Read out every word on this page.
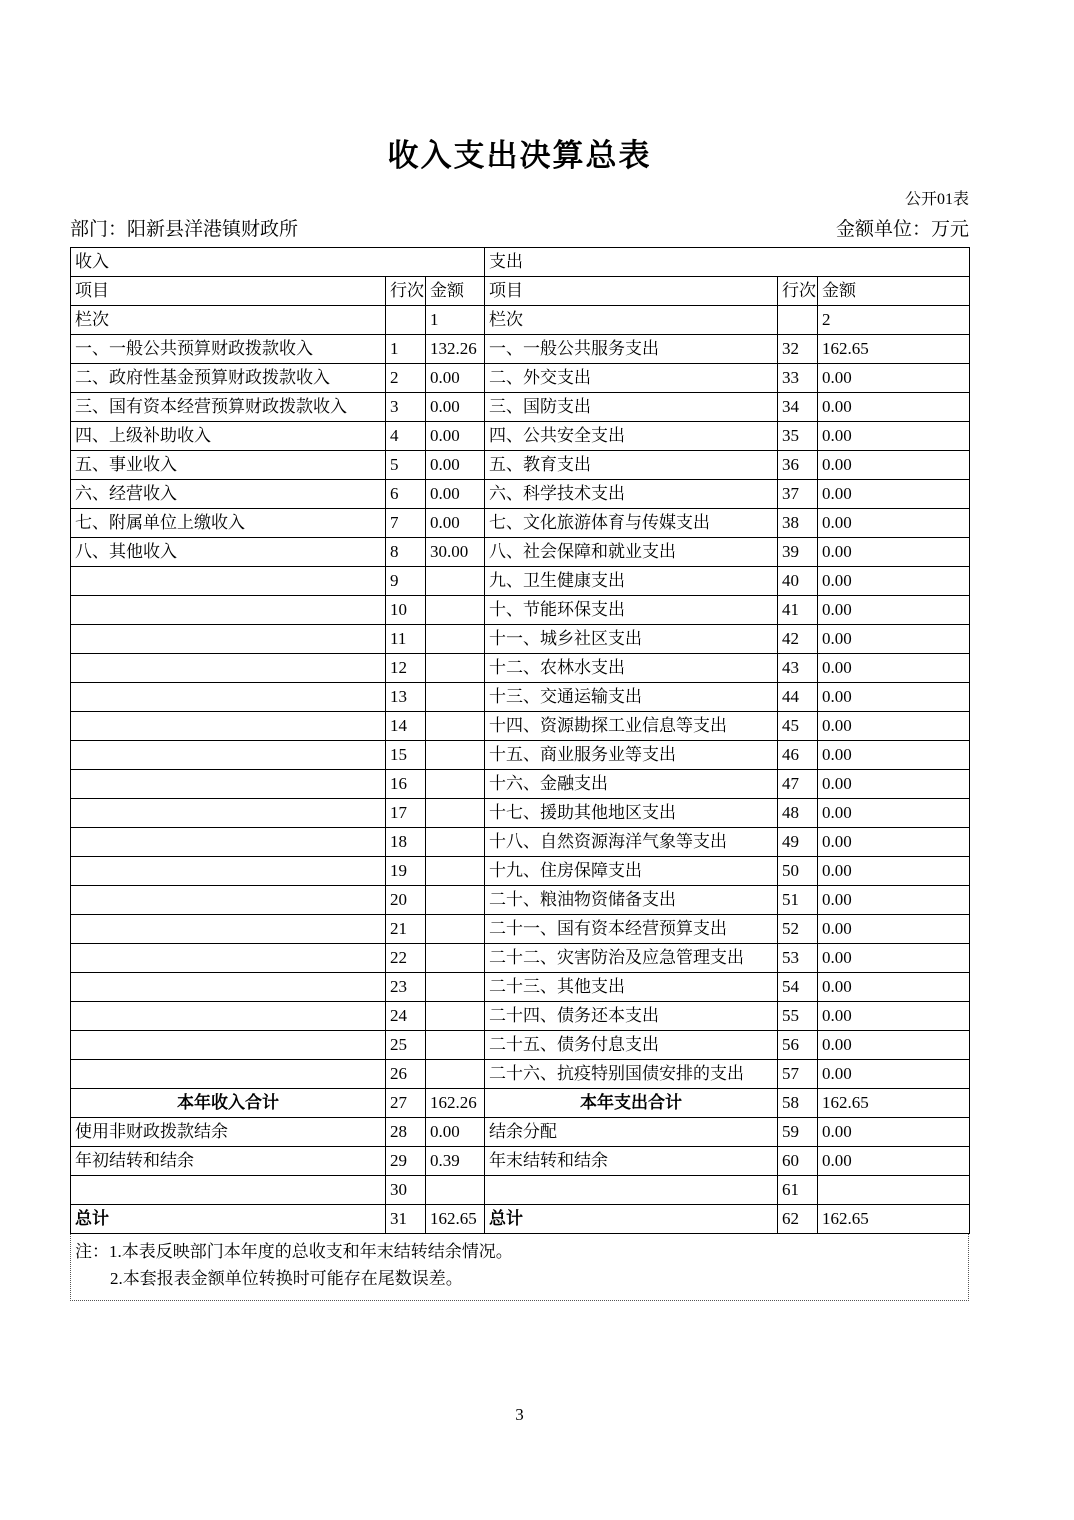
收入支出决算总表
公开01表
部门：阳新县洋港镇财政所	金额单位：万元
收入			支出		
项目	行次	金额	项目	行次	金额
栏次		1	栏次		2
一、一般公共预算财政拨款收入	1	132.26	一、一般公共服务支出	32	162.65
二、政府性基金预算财政拨款收入	2	0.00	二、外交支出	33	0.00
三、国有资本经营预算财政拨款收入	3	0.00	三、国防支出	34	0.00
四、上级补助收入	4	0.00	四、公共安全支出	35	0.00
五、事业收入	5	0.00	五、教育支出	36	0.00
六、经营收入	6	0.00	六、科学技术支出	37	0.00
七、附属单位上缴收入	7	0.00	七、文化旅游体育与传媒支出	38	0.00
八、其他收入	8	30.00	八、社会保障和就业支出	39	0.00
	9		九、卫生健康支出	40	0.00
	10		十、节能环保支出	41	0.00
	11		十一、城乡社区支出	42	0.00
	12		十二、农林水支出	43	0.00
	13		十三、交通运输支出	44	0.00
	14		十四、资源勘探工业信息等支出	45	0.00
	15		十五、商业服务业等支出	46	0.00
	16		十六、金融支出	47	0.00
	17		十七、援助其他地区支出	48	0.00
	18		十八、自然资源海洋气象等支出	49	0.00
	19		十九、住房保障支出	50	0.00
	20		二十、粮油物资储备支出	51	0.00
	21		二十一、国有资本经营预算支出	52	0.00
	22		二十二、灾害防治及应急管理支出	53	0.00
	23		二十三、其他支出	54	0.00
	24		二十四、债务还本支出	55	0.00
	25		二十五、债务付息支出	56	0.00
	26		二十六、抗疫特别国债安排的支出	57	0.00
本年收入合计	27	162.26	本年支出合计	58	162.65
使用非财政拨款结余	28	0.00	结余分配	59	0.00
年初结转和结余	29	0.39	年末结转和结余	60	0.00
	30			61	
总计	31	162.65	总计	62	162.65
注：1.本表反映部门本年度的总收支和年末结转结余情况。
2.本套报表金额单位转换时可能存在尾数误差。
3
